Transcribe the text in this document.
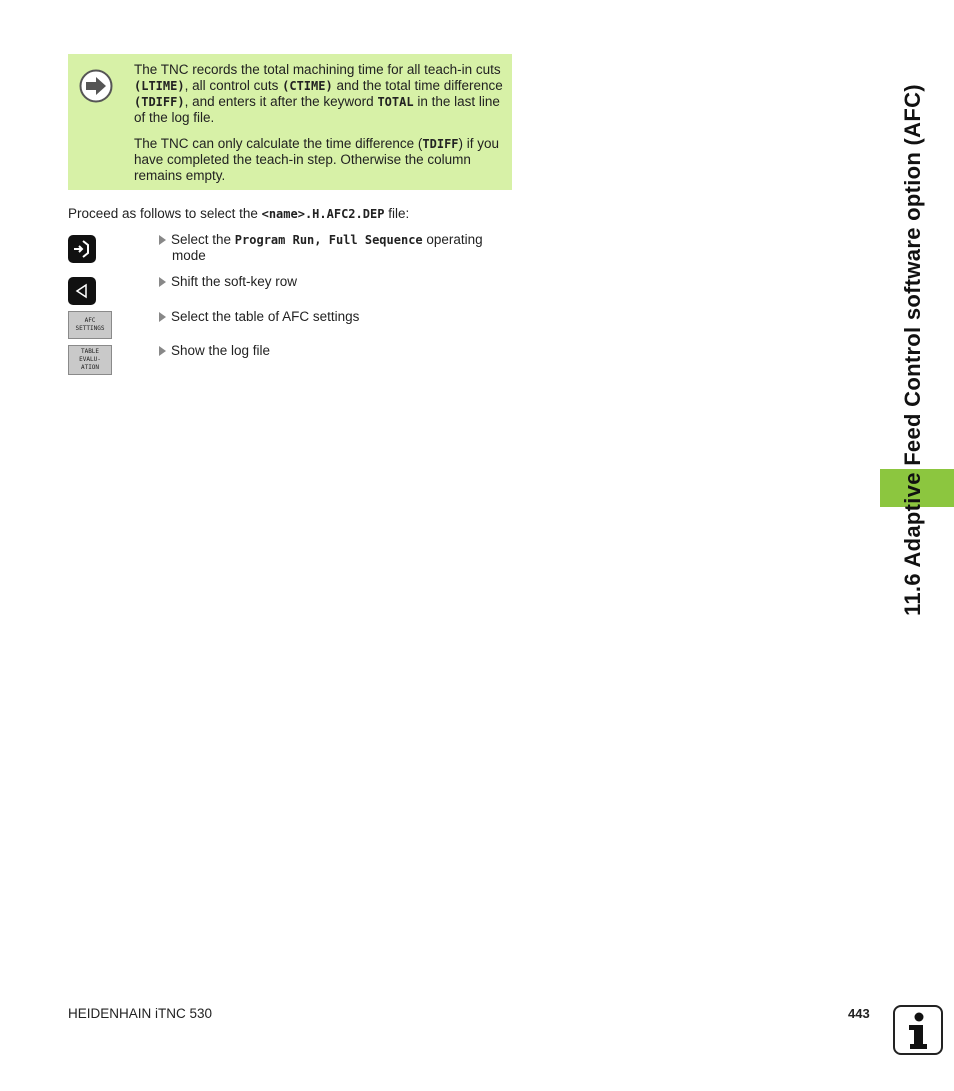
The TNC records the total machining time for all teach-in cuts (LTIME), all control cuts (CTIME) and the total time difference (TDIFF), and enters it after the keyword TOTAL in the last line of the log file.

The TNC can only calculate the time difference (TDIFF) if you have completed the teach-in step. Otherwise the column remains empty.

Proceed as follows to select the <name>.H.AFC2.DEP file:
Select the Program Run, Full Sequence operating
mode
Shift the soft-key row
AFC
SETTINGS
Select the table of AFC settings
TABLE
EVALU-
ATION
Show the log file	11.6 Adaptive Feed Control software option (AFC)
HEIDENHAIN iTNC 530	443
